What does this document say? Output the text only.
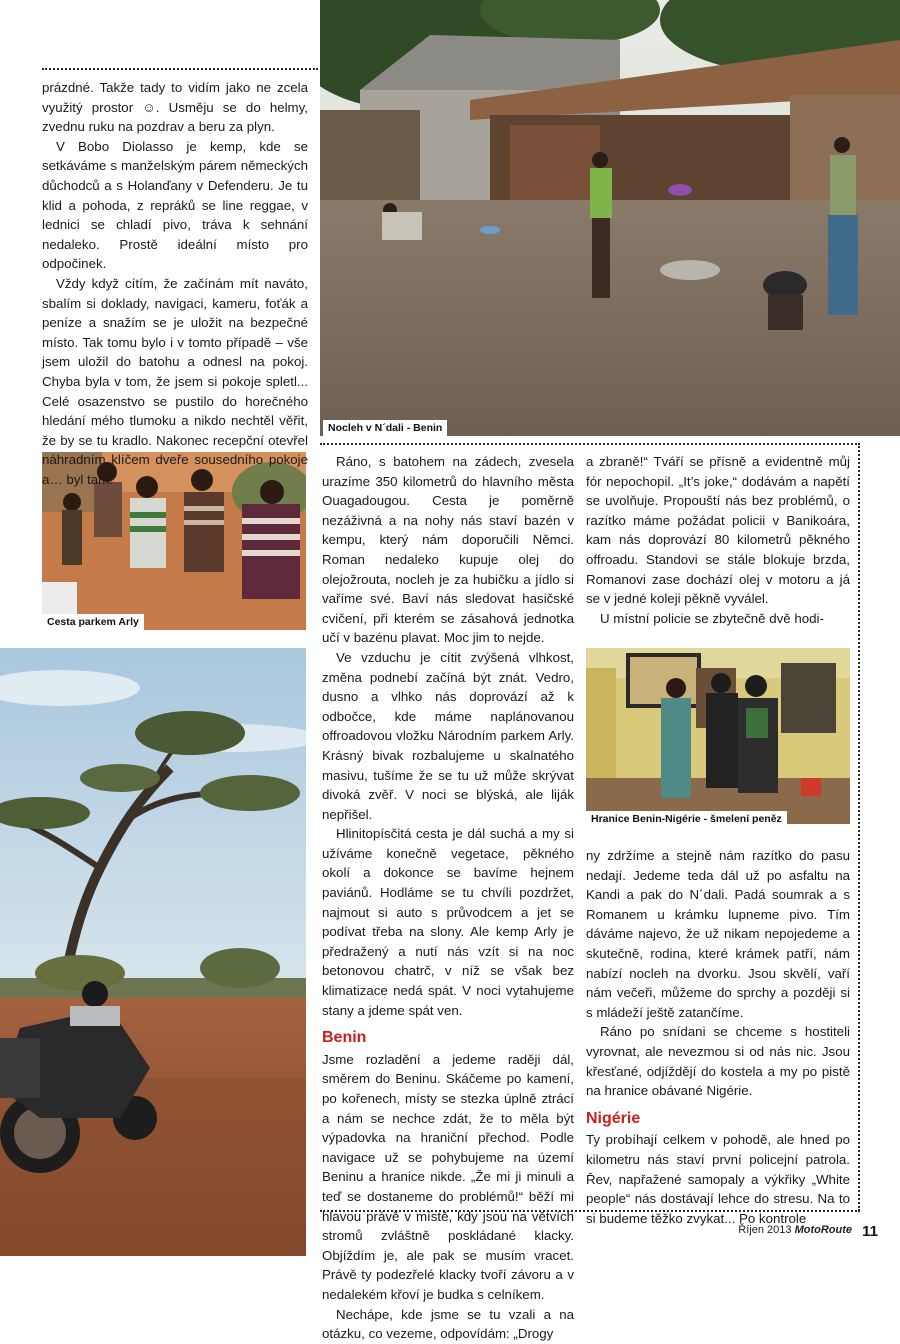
Nocleh v N´dali - Benin
Cesta parkem Arly
Hranice Benin-Nigérie - šmelení peněz

prázdné. Takže tady to vidím jako ne zcela využitý prostor ☺. Usměju se do helmy, zvednu ruku na pozdrav a beru za plyn.

V Bobo Diolasso je kemp, kde se setkáváme s manželským párem německých důchodců a s Holanďany v Defenderu. Je tu klid a pohoda, z repráků se line reggae, v lednici se chladí pivo, tráva k sehnání nedaleko. Prostě ideální místo pro odpočinek.

Vždy když cítím, že začínám mít naváto, sbalím si doklady, navigaci, kameru, foťák a peníze a snažím se je uložit na bezpečné místo. Tak tomu bylo i v tomto případě – vše jsem uložil do batohu a odnesl na pokoj. Chyba byla v tom, že jsem si pokoje spletl... Celé osazenstvo se pustilo do horečného hledání mého tlumoku a nikdo nechtěl věřit, že by se tu kradlo. Nakonec recepční otevřel náhradním klíčem dveře sousedního pokoje a… byl tam!

Ráno, s batohem na zádech, zvesela urazíme 350 kilometrů do hlavního města Ouagadougou. Cesta je poměrně nezáživná a na nohy nás staví bazén v kempu, který nám doporučili Němci. Roman nedaleko kupuje olej do olejožrouta, nocleh je za hubičku a jídlo si vaříme své. Baví nás sledovat hasičské cvičení, při kterém se zásahová jednotka učí v bazénu plavat. Moc jim to nejde.

Ve vzduchu je cítit zvýšená vlhkost, změna podnebí začíná být znát. Vedro, dusno a vlhko nás doprovází až k odbočce, kde máme naplánovanou offroadovou vložku Národním parkem Arly. Krásný bivak rozbalujeme u skalnatého masivu, tušíme že se tu už může skrývat divoká zvěř. V noci se blýská, ale liják nepřišel.

Hlinitopísčitá cesta je dál suchá a my si užíváme konečně vegetace, pěkného okolí a dokonce se bavíme hejnem paviánů. Hodláme se tu chvíli pozdržet, najmout si auto s průvodcem a jet se podívat třeba na slony. Ale kemp Arly je předražený a nutí nás vzít si na noc betonovou chatrč, v níž se však bez klimatizace nedá spát. V noci vytahujeme stany a jdeme spát ven.

Benin

Jsme rozladění a jedeme raději dál, směrem do Beninu. Skáčeme po kamení, po kořenech, místy se stezka úplně ztrácí a nám se nechce zdát, že to měla být výpadovka na hraniční přechod. Podle navigace už se pohybujeme na území Beninu a hranice nikde. „Že mi ji minuli a teď se dostaneme do problémů!“ běží mi hlavou právě v místě, kdy jsou na větvích stromů zvláštně poskládané klacky. Objíždím je, ale pak se musím vracet. Právě ty podezřelé klacky tvoří závoru a v nedalekém křoví je budka s celníkem.

Nechápe, kde jsme se tu vzali a na otázku, co vezeme, odpovídám: „Drogy

a zbraně!“ Tváří se přísně a evidentně můj fór nepochopil. „It’s joke,“ dodávám a napětí se uvolňuje. Propouští nás bez problémů, o razítko máme požádat policii v Banikoára, kam nás doprovází 80 kilometrů pěkného offroadu. Standovi se stále blokuje brzda, Romanovi zase dochází olej v motoru a já se v jedné koleji pěkně vyválel.

U místní policie se zbytečně dvě hodi-

ny zdržíme a stejně nám razítko do pasu nedají. Jedeme teda dál už po asfaltu na Kandi a pak do N´dali. Padá soumrak a s Romanem u krámku lupneme pivo. Tím dáváme najevo, že už nikam nepojedeme a skutečně, rodina, které krámek patří, nám nabízí nocleh na dvorku. Jsou skvělí, vaří nám večeři, můžeme do sprchy a později si s mládeží ještě zatančíme.

Ráno po snídani se chceme s hostiteli vyrovnat, ale nevezmou si od nás nic. Jsou křesťané, odjíždějí do kostela a my po pistě na hranice obávané Nigérie.

Nigérie

Ty probíhají celkem v pohodě, ale hned po kilometru nás staví první policejní patrola. Řev, napřažené samopaly a výkřiky „White people“ nás dostávají lehce do stresu. Na to si budeme těžko zvykat... Po kontrole

Říjen 2013 MotoRoute 11
